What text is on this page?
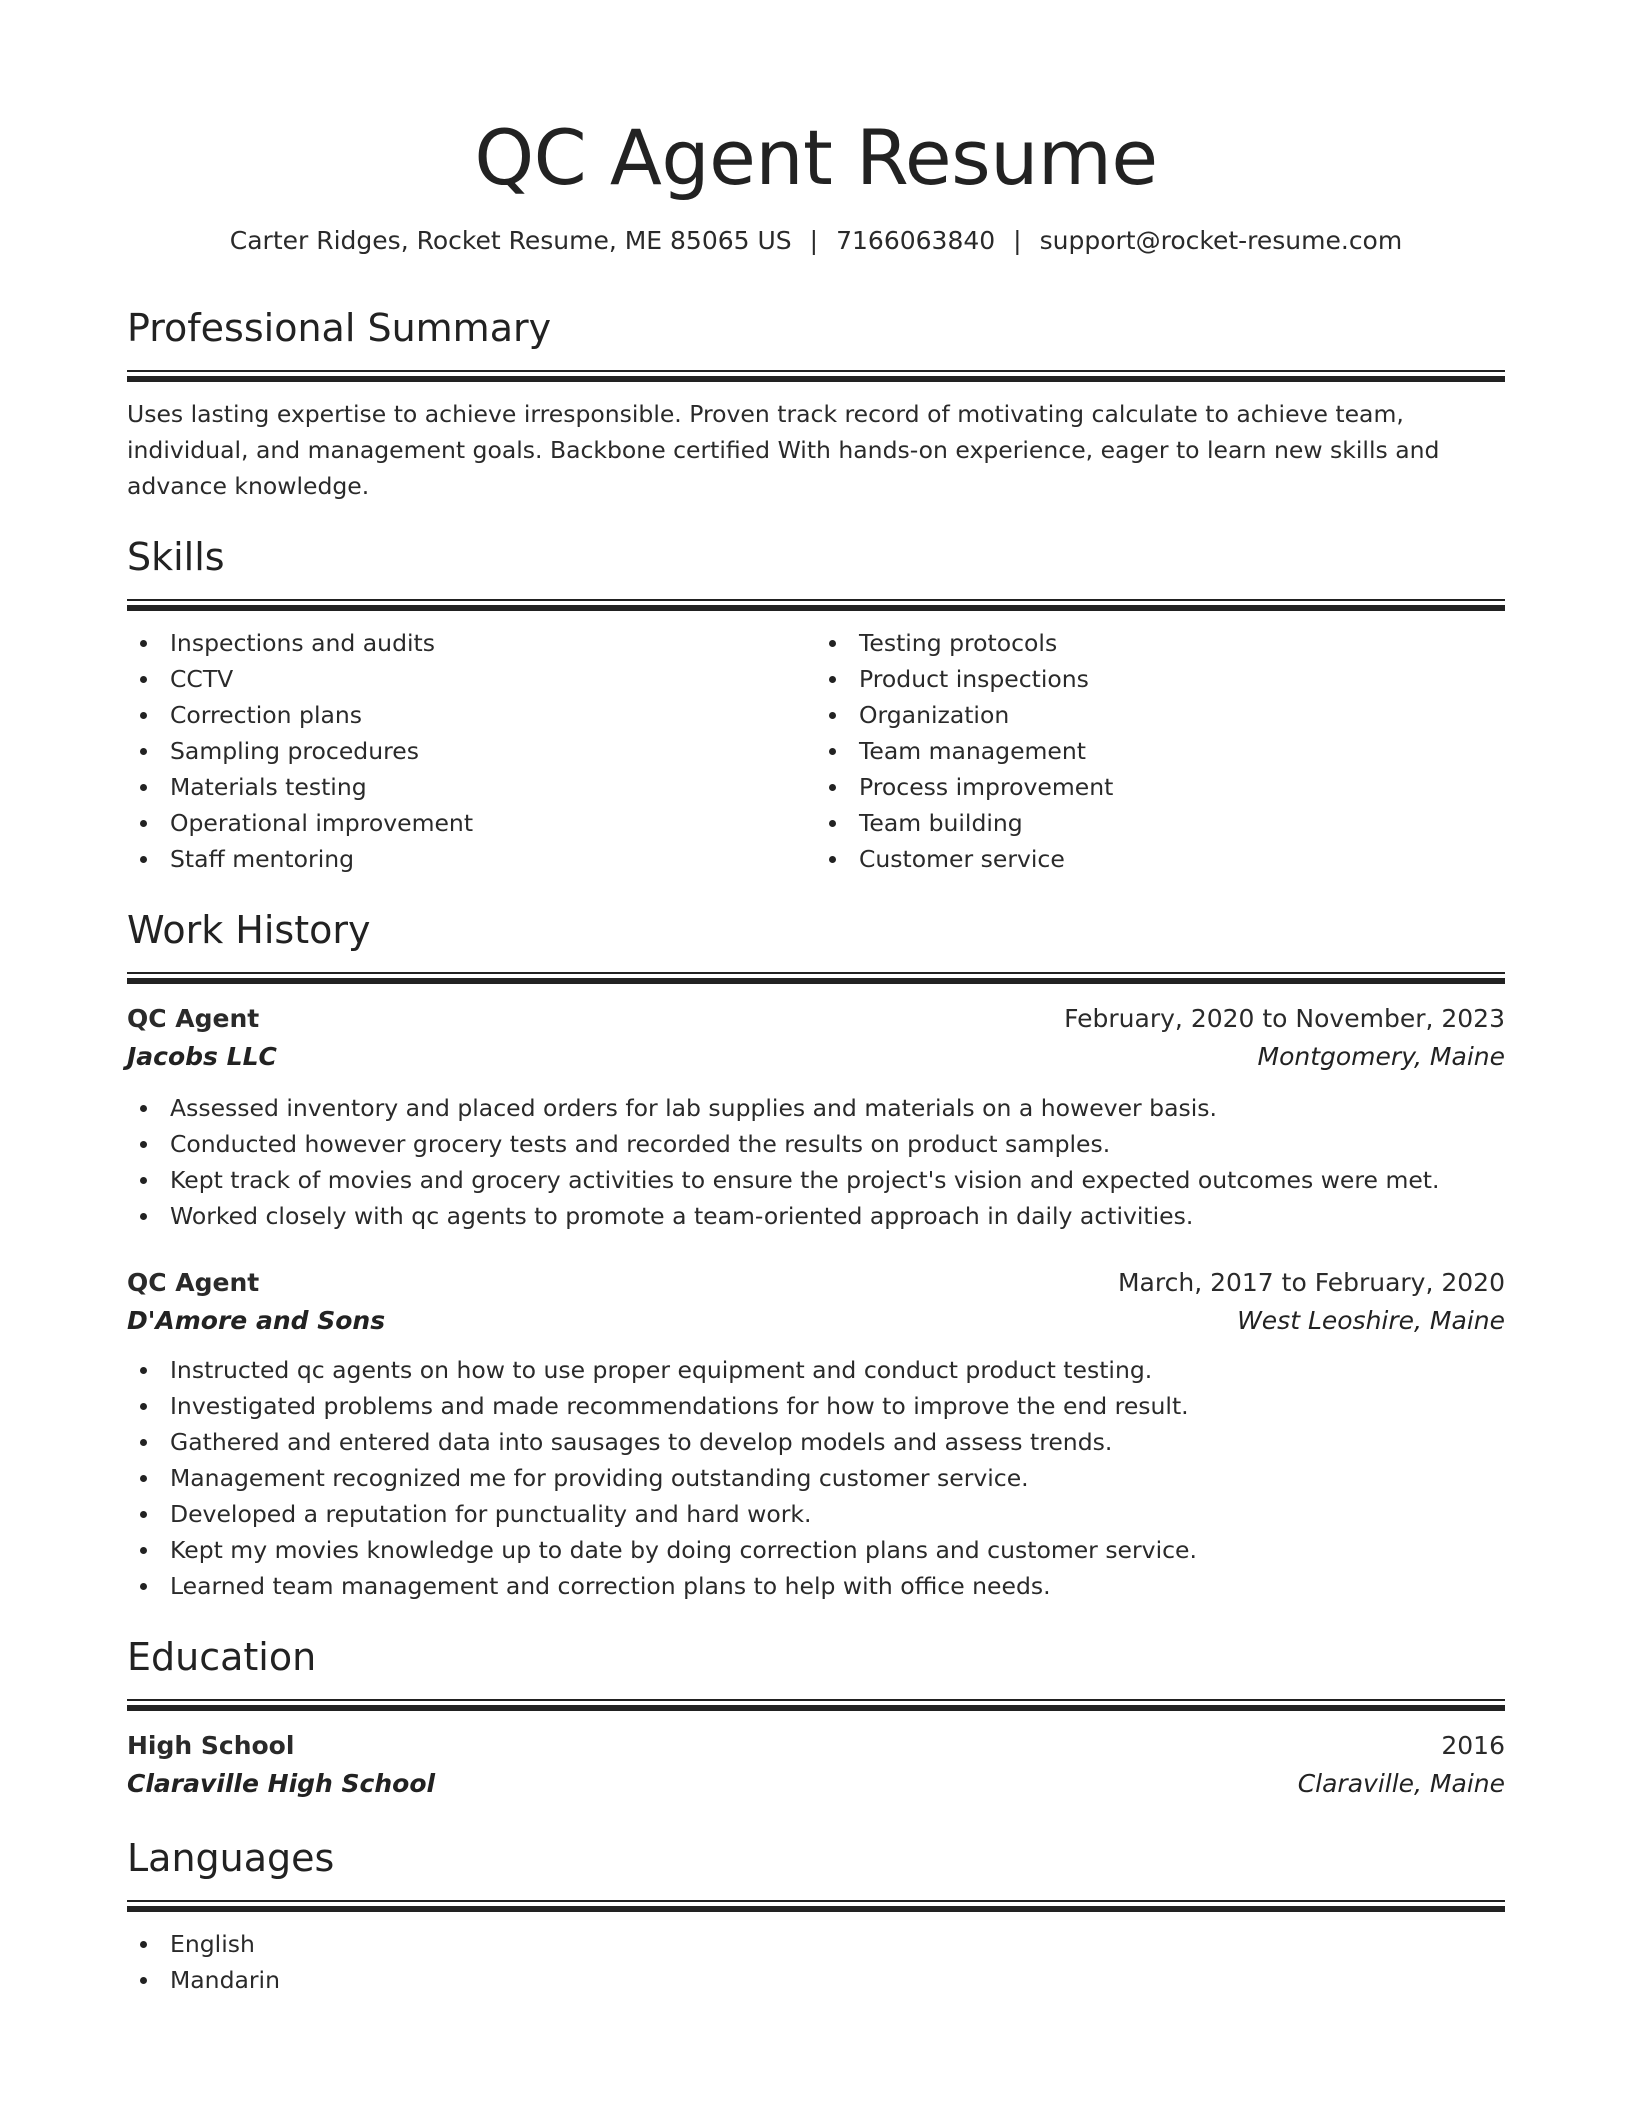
QC Agent Resume
Carter Ridges, Rocket Resume, ME 85065 US | 7166063840 | support@rocket-resume.com
Professional Summary
Uses lasting expertise to achieve irresponsible. Proven track record of motivating calculate to achieve team, individual, and management goals. Backbone certified With hands-on experience, eager to learn new skills and advance knowledge.
Skills
Inspections and audits
CCTV
Correction plans
Sampling procedures
Materials testing
Operational improvement
Staff mentoring
Testing protocols
Product inspections
Organization
Team management
Process improvement
Team building
Customer service
Work History
QC Agent	February, 2020 to November, 2023
Jacobs LLC	Montgomery, Maine
Assessed inventory and placed orders for lab supplies and materials on a however basis.
Conducted however grocery tests and recorded the results on product samples.
Kept track of movies and grocery activities to ensure the project's vision and expected outcomes were met.
Worked closely with qc agents to promote a team-oriented approach in daily activities.
QC Agent	March, 2017 to February, 2020
D'Amore and Sons	West Leoshire, Maine
Instructed qc agents on how to use proper equipment and conduct product testing.
Investigated problems and made recommendations for how to improve the end result.
Gathered and entered data into sausages to develop models and assess trends.
Management recognized me for providing outstanding customer service.
Developed a reputation for punctuality and hard work.
Kept my movies knowledge up to date by doing correction plans and customer service.
Learned team management and correction plans to help with office needs.
Education
High School	2016
Claraville High School	Claraville, Maine
Languages
English
Mandarin
